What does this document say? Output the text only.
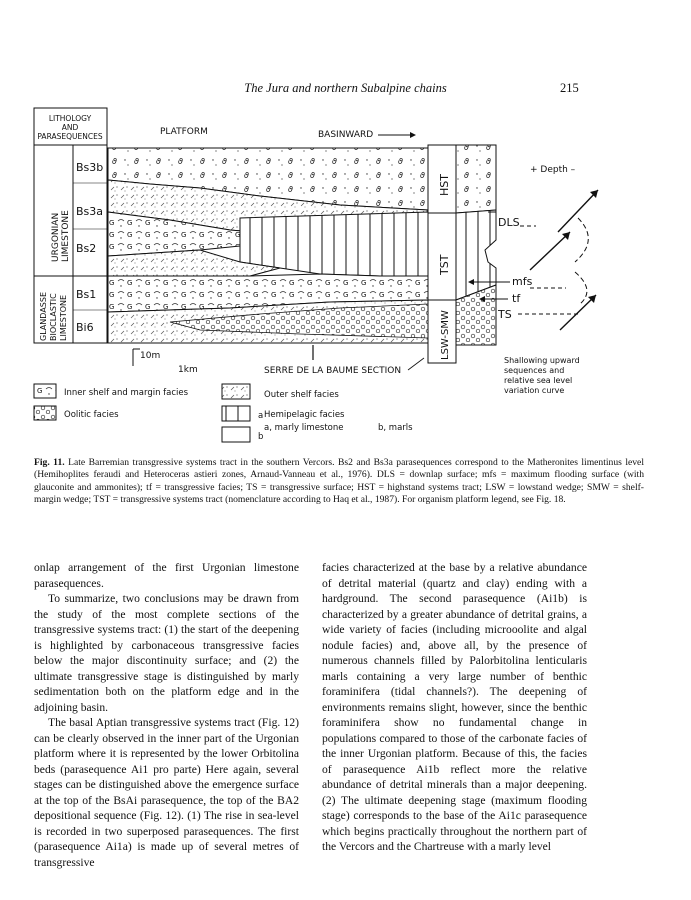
The Jura and northern Subalpine chains	215
LITHOLOGY
AND
PARASEQUENCES
Bs3b
Bs3a
Bs2
Bs1
Bi6
URGONIAN LIMESTONE
GLANDASSE BIOCLASTIC LIMESTONE
PLATFORM	BASINWARD
HST
TST
LSW-SMW
DLS
mfs
tf
TS
+ Depth –
Shallowing upward
sequences and
relative sea level
variation curve
10m
1km	SERRE DE LA BAUME SECTION
Inner shelf and margin facies
Oolitic facies
Outer shelf facies
a
b
Hemipelagic facies
a, marly limestone	b, marls
Fig. 11. Late Barremian transgressive systems tract in the southern Vercors. Bs2 and Bs3a parasequences correspond to the Matheronites limentinus level (Hemihoplites feraudi and Heteroceras astieri zones, Arnaud-Vanneau et al., 1976). DLS = downlap surface; mfs = maximum flooding surface (with glauconite and ammonites); tf = transgressive facies; TS = transgressive surface; HST = highstand systems tract; LSW = lowstand wedge; SMW = shelf-margin wedge; TST = transgressive systems tract (nomenclature according to Haq et al., 1987). For organism platform legend, see Fig. 18.

onlap arrangement of the first Urgonian limestone parasequences.

To summarize, two conclusions may be drawn from the study of the most complete sections of the transgressive systems tract: (1) the start of the deepening is highlighted by carbonaceous transgressive facies below the major discontinuity surface; and (2) the ultimate transgressive stage is distinguished by marly sedimentation both on the platform edge and in the adjoining basin.

The basal Aptian transgressive systems tract (Fig. 12) can be clearly observed in the inner part of the Urgonian platform where it is represented by the lower Orbitolina beds (parasequence Ai1 pro parte) Here again, several stages can be distinguished above the emergence surface at the top of the BsAi parasequence, the top of the BA2 depositional sequence (Fig. 12). (1) The rise in sea-level is recorded in two superposed parasequences. The first (parasequence Ai1a) is made up of several metres of transgressive

facies characterized at the base by a relative abundance of detrital material (quartz and clay) ending with a hardground. The second parasequence (Ai1b) is characterized by a greater abundance of detrital grains, a wide variety of facies (including microoolite and algal nodule facies) and, above all, by the presence of numerous channels filled by Palorbitolina lenticularis marls containing a very large number of benthic foraminifera (tidal channels?). The deepening of environments remains slight, however, since the benthic foraminifera show no fundamental change in populations compared to those of the carbonate facies of the inner Urgonian platform. Because of this, the facies of parasequence Ai1b reflect more the relative abundance of detrital minerals than a major deepening. (2) The ultimate deepening stage (maximum flooding stage) corresponds to the base of the Ai1c parasequence which begins practically throughout the northern part of the Vercors and the Chartreuse with a marly level
